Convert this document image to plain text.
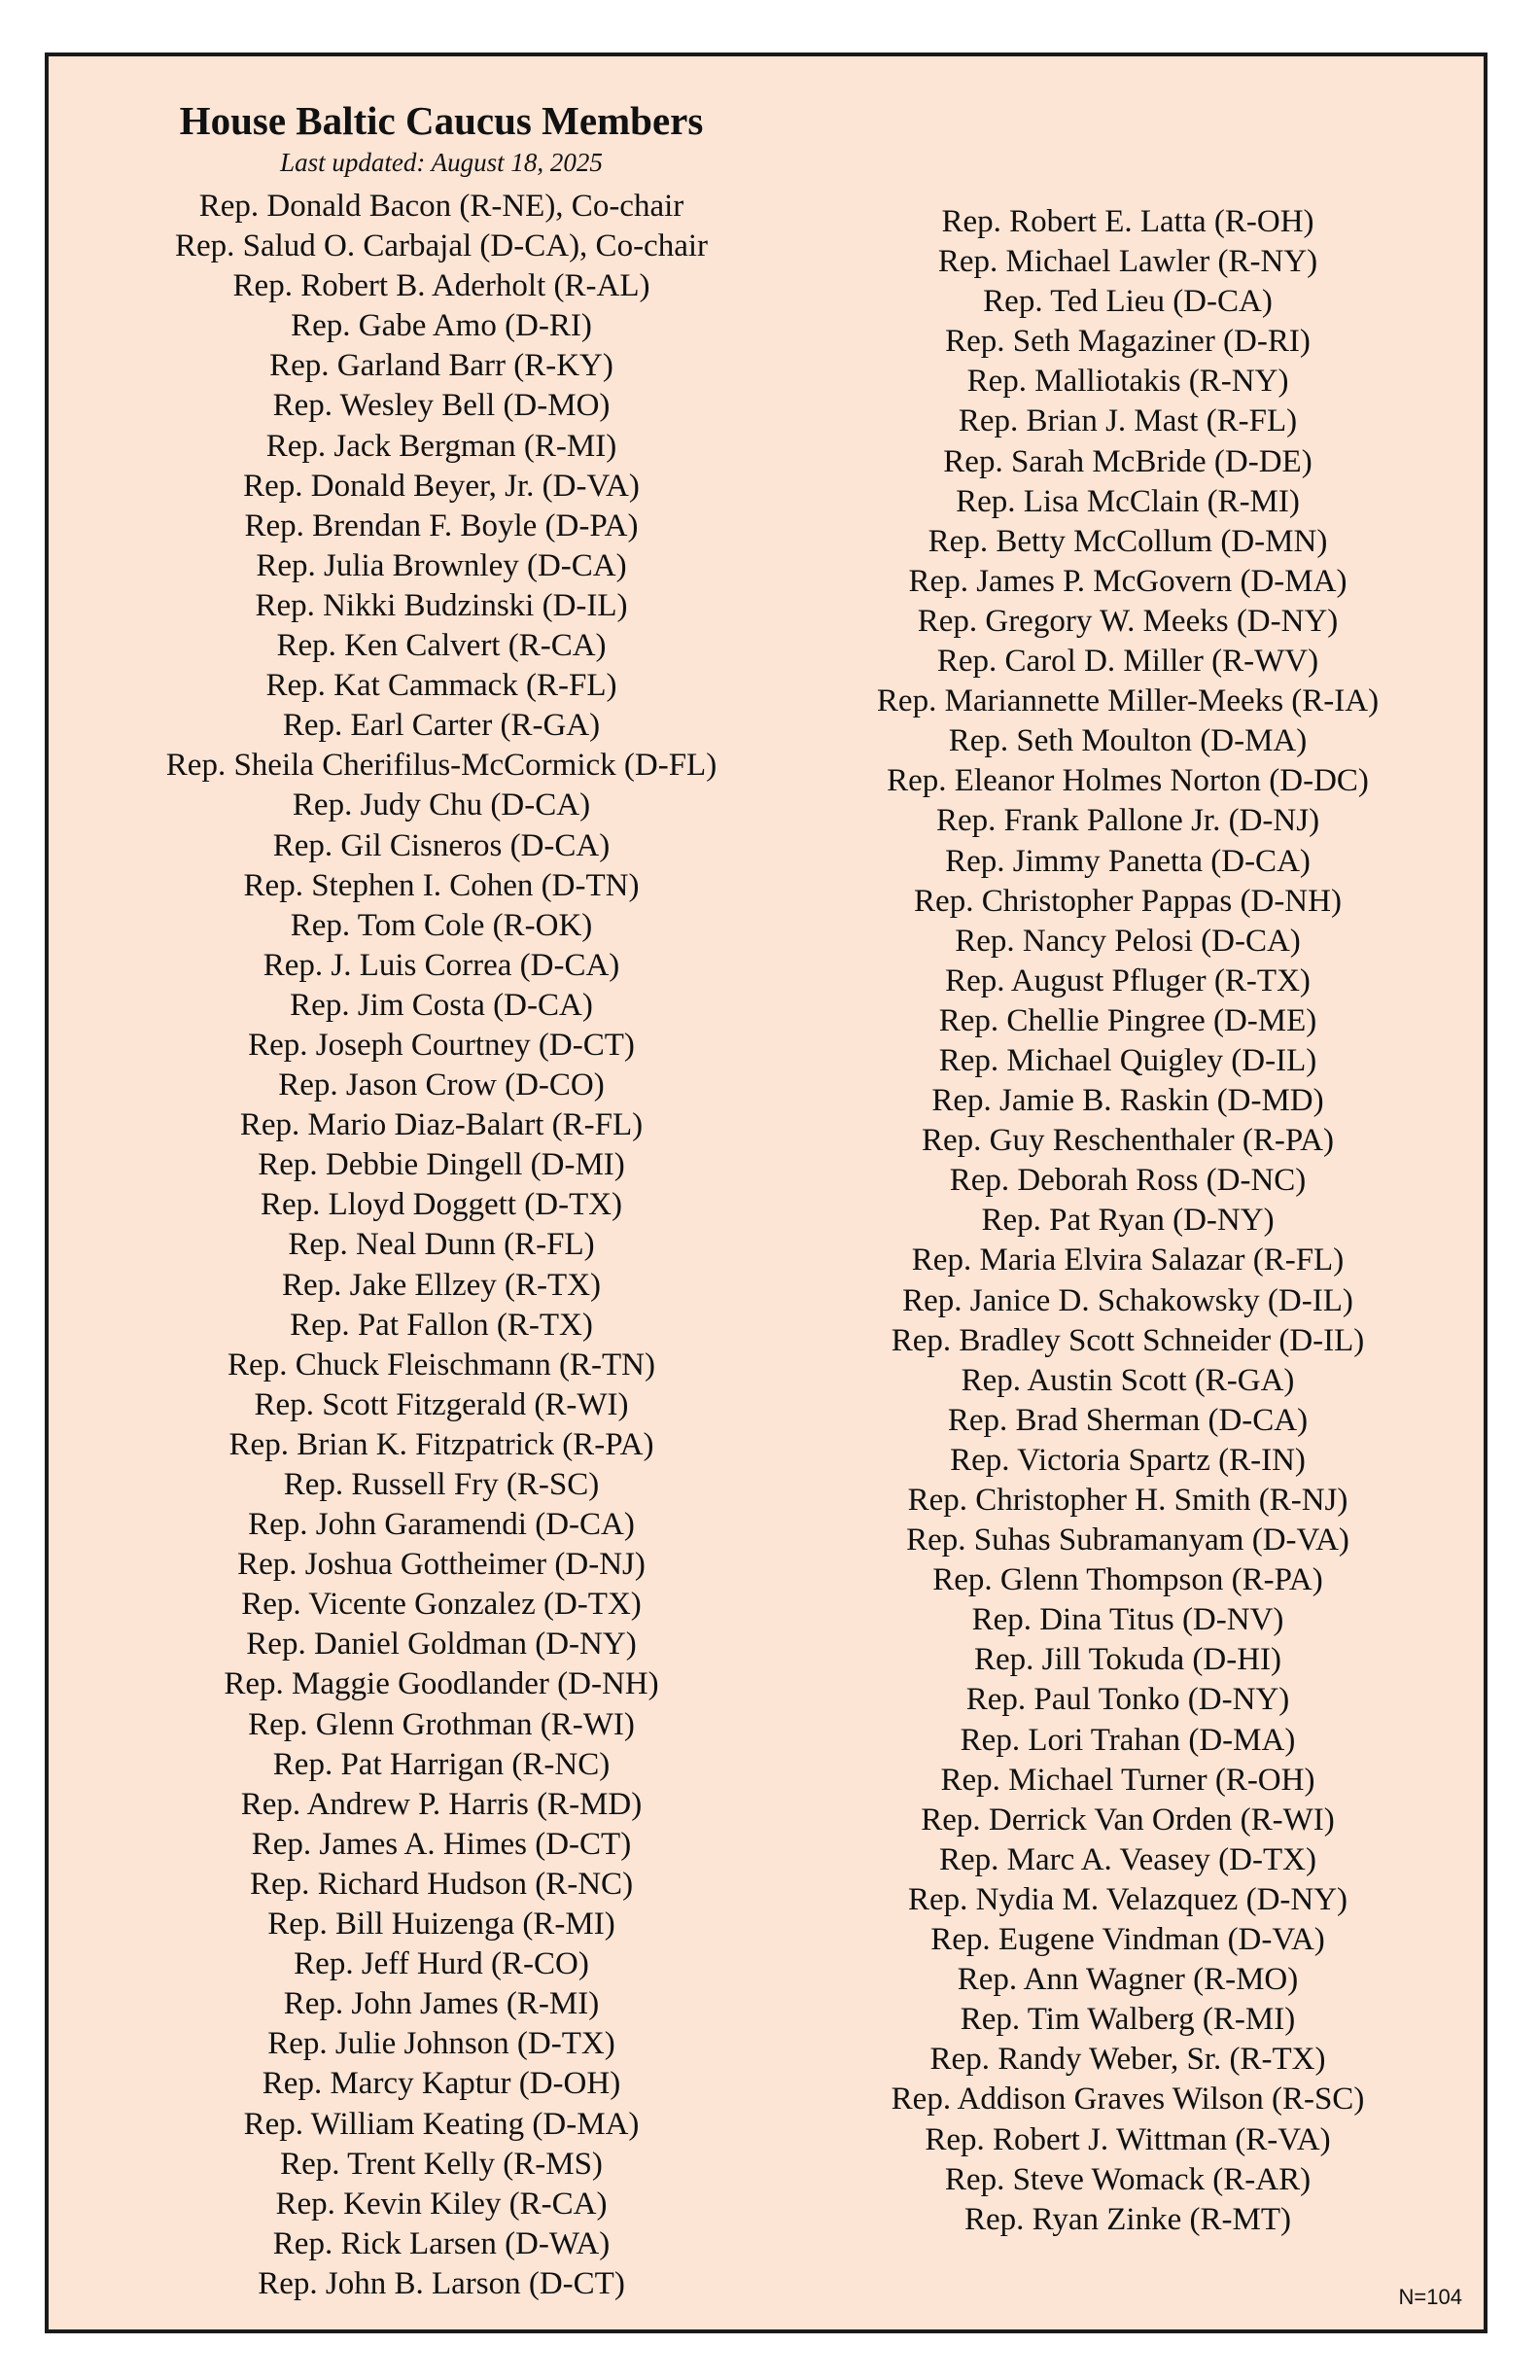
House Baltic Caucus Members

Last updated: August 18, 2025

Rep. Donald Bacon (R-NE), Co-chair
Rep. Salud O. Carbajal (D-CA), Co-chair
Rep. Robert B. Aderholt (R-AL)
Rep. Gabe Amo (D-RI)
Rep. Garland Barr (R-KY)
Rep. Wesley Bell (D-MO)
Rep. Jack Bergman (R-MI)
Rep. Donald Beyer, Jr. (D-VA)
Rep. Brendan F. Boyle (D-PA)
Rep. Julia Brownley (D-CA)
Rep. Nikki Budzinski (D-IL)
Rep. Ken Calvert (R-CA)
Rep. Kat Cammack (R-FL)
Rep. Earl Carter (R-GA)
Rep. Sheila Cherifilus-McCormick (D-FL)
Rep. Judy Chu (D-CA)
Rep. Gil Cisneros (D-CA)
Rep. Stephen I. Cohen (D-TN)
Rep. Tom Cole (R-OK)
Rep. J. Luis Correa (D-CA)
Rep. Jim Costa (D-CA)
Rep. Joseph Courtney (D-CT)
Rep. Jason Crow (D-CO)
Rep. Mario Diaz-Balart (R-FL)
Rep. Debbie Dingell (D-MI)
Rep. Lloyd Doggett (D-TX)
Rep. Neal Dunn (R-FL)
Rep. Jake Ellzey (R-TX)
Rep. Pat Fallon (R-TX)
Rep. Chuck Fleischmann (R-TN)
Rep. Scott Fitzgerald (R-WI)
Rep. Brian K. Fitzpatrick (R-PA)
Rep. Russell Fry (R-SC)
Rep. John Garamendi (D-CA)
Rep. Joshua Gottheimer (D-NJ)
Rep. Vicente Gonzalez (D-TX)
Rep. Daniel Goldman (D-NY)
Rep. Maggie Goodlander (D-NH)
Rep. Glenn Grothman (R-WI)
Rep. Pat Harrigan (R-NC)
Rep. Andrew P. Harris (R-MD)
Rep. James A. Himes (D-CT)
Rep. Richard Hudson (R-NC)
Rep. Bill Huizenga (R-MI)
Rep. Jeff Hurd (R-CO)
Rep. John James (R-MI)
Rep. Julie Johnson (D-TX)
Rep. Marcy Kaptur (D-OH)
Rep. William Keating (D-MA)
Rep. Trent Kelly (R-MS)
Rep. Kevin Kiley (R-CA)
Rep. Rick Larsen (D-WA)
Rep. John B. Larson (D-CT)
Rep. Robert E. Latta (R-OH)
Rep. Michael Lawler (R-NY)
Rep. Ted Lieu (D-CA)
Rep. Seth Magaziner (D-RI)
Rep. Malliotakis (R-NY)
Rep. Brian J. Mast (R-FL)
Rep. Sarah McBride (D-DE)
Rep. Lisa McClain (R-MI)
Rep. Betty McCollum (D-MN)
Rep. James P. McGovern (D-MA)
Rep. Gregory W. Meeks (D-NY)
Rep. Carol D. Miller (R-WV)
Rep. Mariannette Miller-Meeks (R-IA)
Rep. Seth Moulton (D-MA)
Rep. Eleanor Holmes Norton (D-DC)
Rep. Frank Pallone Jr. (D-NJ)
Rep. Jimmy Panetta (D-CA)
Rep. Christopher Pappas (D-NH)
Rep. Nancy Pelosi (D-CA)
Rep. August Pfluger (R-TX)
Rep. Chellie Pingree (D-ME)
Rep. Michael Quigley (D-IL)
Rep. Jamie B. Raskin (D-MD)
Rep. Guy Reschenthaler (R-PA)
Rep. Deborah Ross (D-NC)
Rep. Pat Ryan (D-NY)
Rep. Maria Elvira Salazar (R-FL)
Rep. Janice D. Schakowsky (D-IL)
Rep. Bradley Scott Schneider (D-IL)
Rep. Austin Scott (R-GA)
Rep. Brad Sherman (D-CA)
Rep. Victoria Spartz (R-IN)
Rep. Christopher H. Smith (R-NJ)
Rep. Suhas Subramanyam (D-VA)
Rep. Glenn Thompson (R-PA)
Rep. Dina Titus (D-NV)
Rep. Jill Tokuda (D-HI)
Rep. Paul Tonko (D-NY)
Rep. Lori Trahan (D-MA)
Rep. Michael Turner (R-OH)
Rep. Derrick Van Orden (R-WI)
Rep. Marc A. Veasey (D-TX)
Rep. Nydia M. Velazquez (D-NY)
Rep. Eugene Vindman (D-VA)
Rep. Ann Wagner (R-MO)
Rep. Tim Walberg (R-MI)
Rep. Randy Weber, Sr. (R-TX)
Rep. Addison Graves Wilson (R-SC)
Rep. Robert J. Wittman (R-VA)
Rep. Steve Womack (R-AR)
Rep. Ryan Zinke (R-MT)
N=104
